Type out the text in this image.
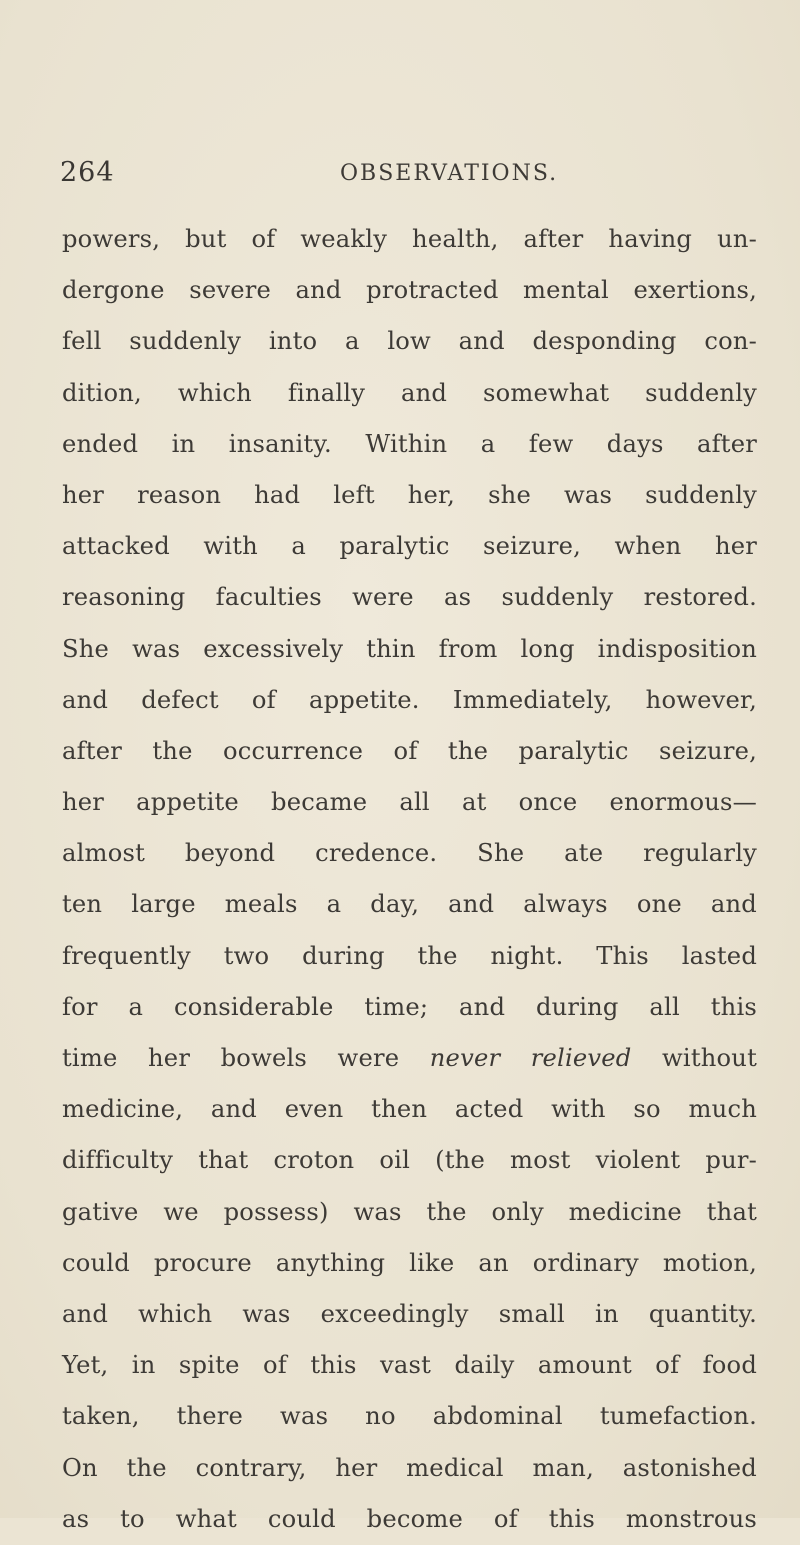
264	OBSERVATIONS.
powers, but of weakly health, after having un-
dergone severe and protracted mental exertions,
fell suddenly into a low and desponding con-
dition, which finally and somewhat suddenly
ended in insanity. Within a few days after
her reason had left her, she was suddenly
attacked with a paralytic seizure, when her
reasoning faculties were as suddenly restored.
She was excessively thin from long indisposition
and defect of appetite. Immediately, however,
after the occurrence of the paralytic seizure,
her appetite became all at once enormous—
almost beyond credence. She ate regularly
ten large meals a day, and always one and
frequently two during the night. This lasted
for a considerable time; and during all this
time her bowels were never relieved without
medicine, and even then acted with so much
difficulty that croton oil (the most violent pur-
gative we possess) was the only medicine that
could procure anything like an ordinary motion,
and which was exceedingly small in quantity.
Yet, in spite of this vast daily amount of food
taken, there was no abdominal tumefaction.
On the contrary, her medical man, astonished
as to what could become of this monstrous
